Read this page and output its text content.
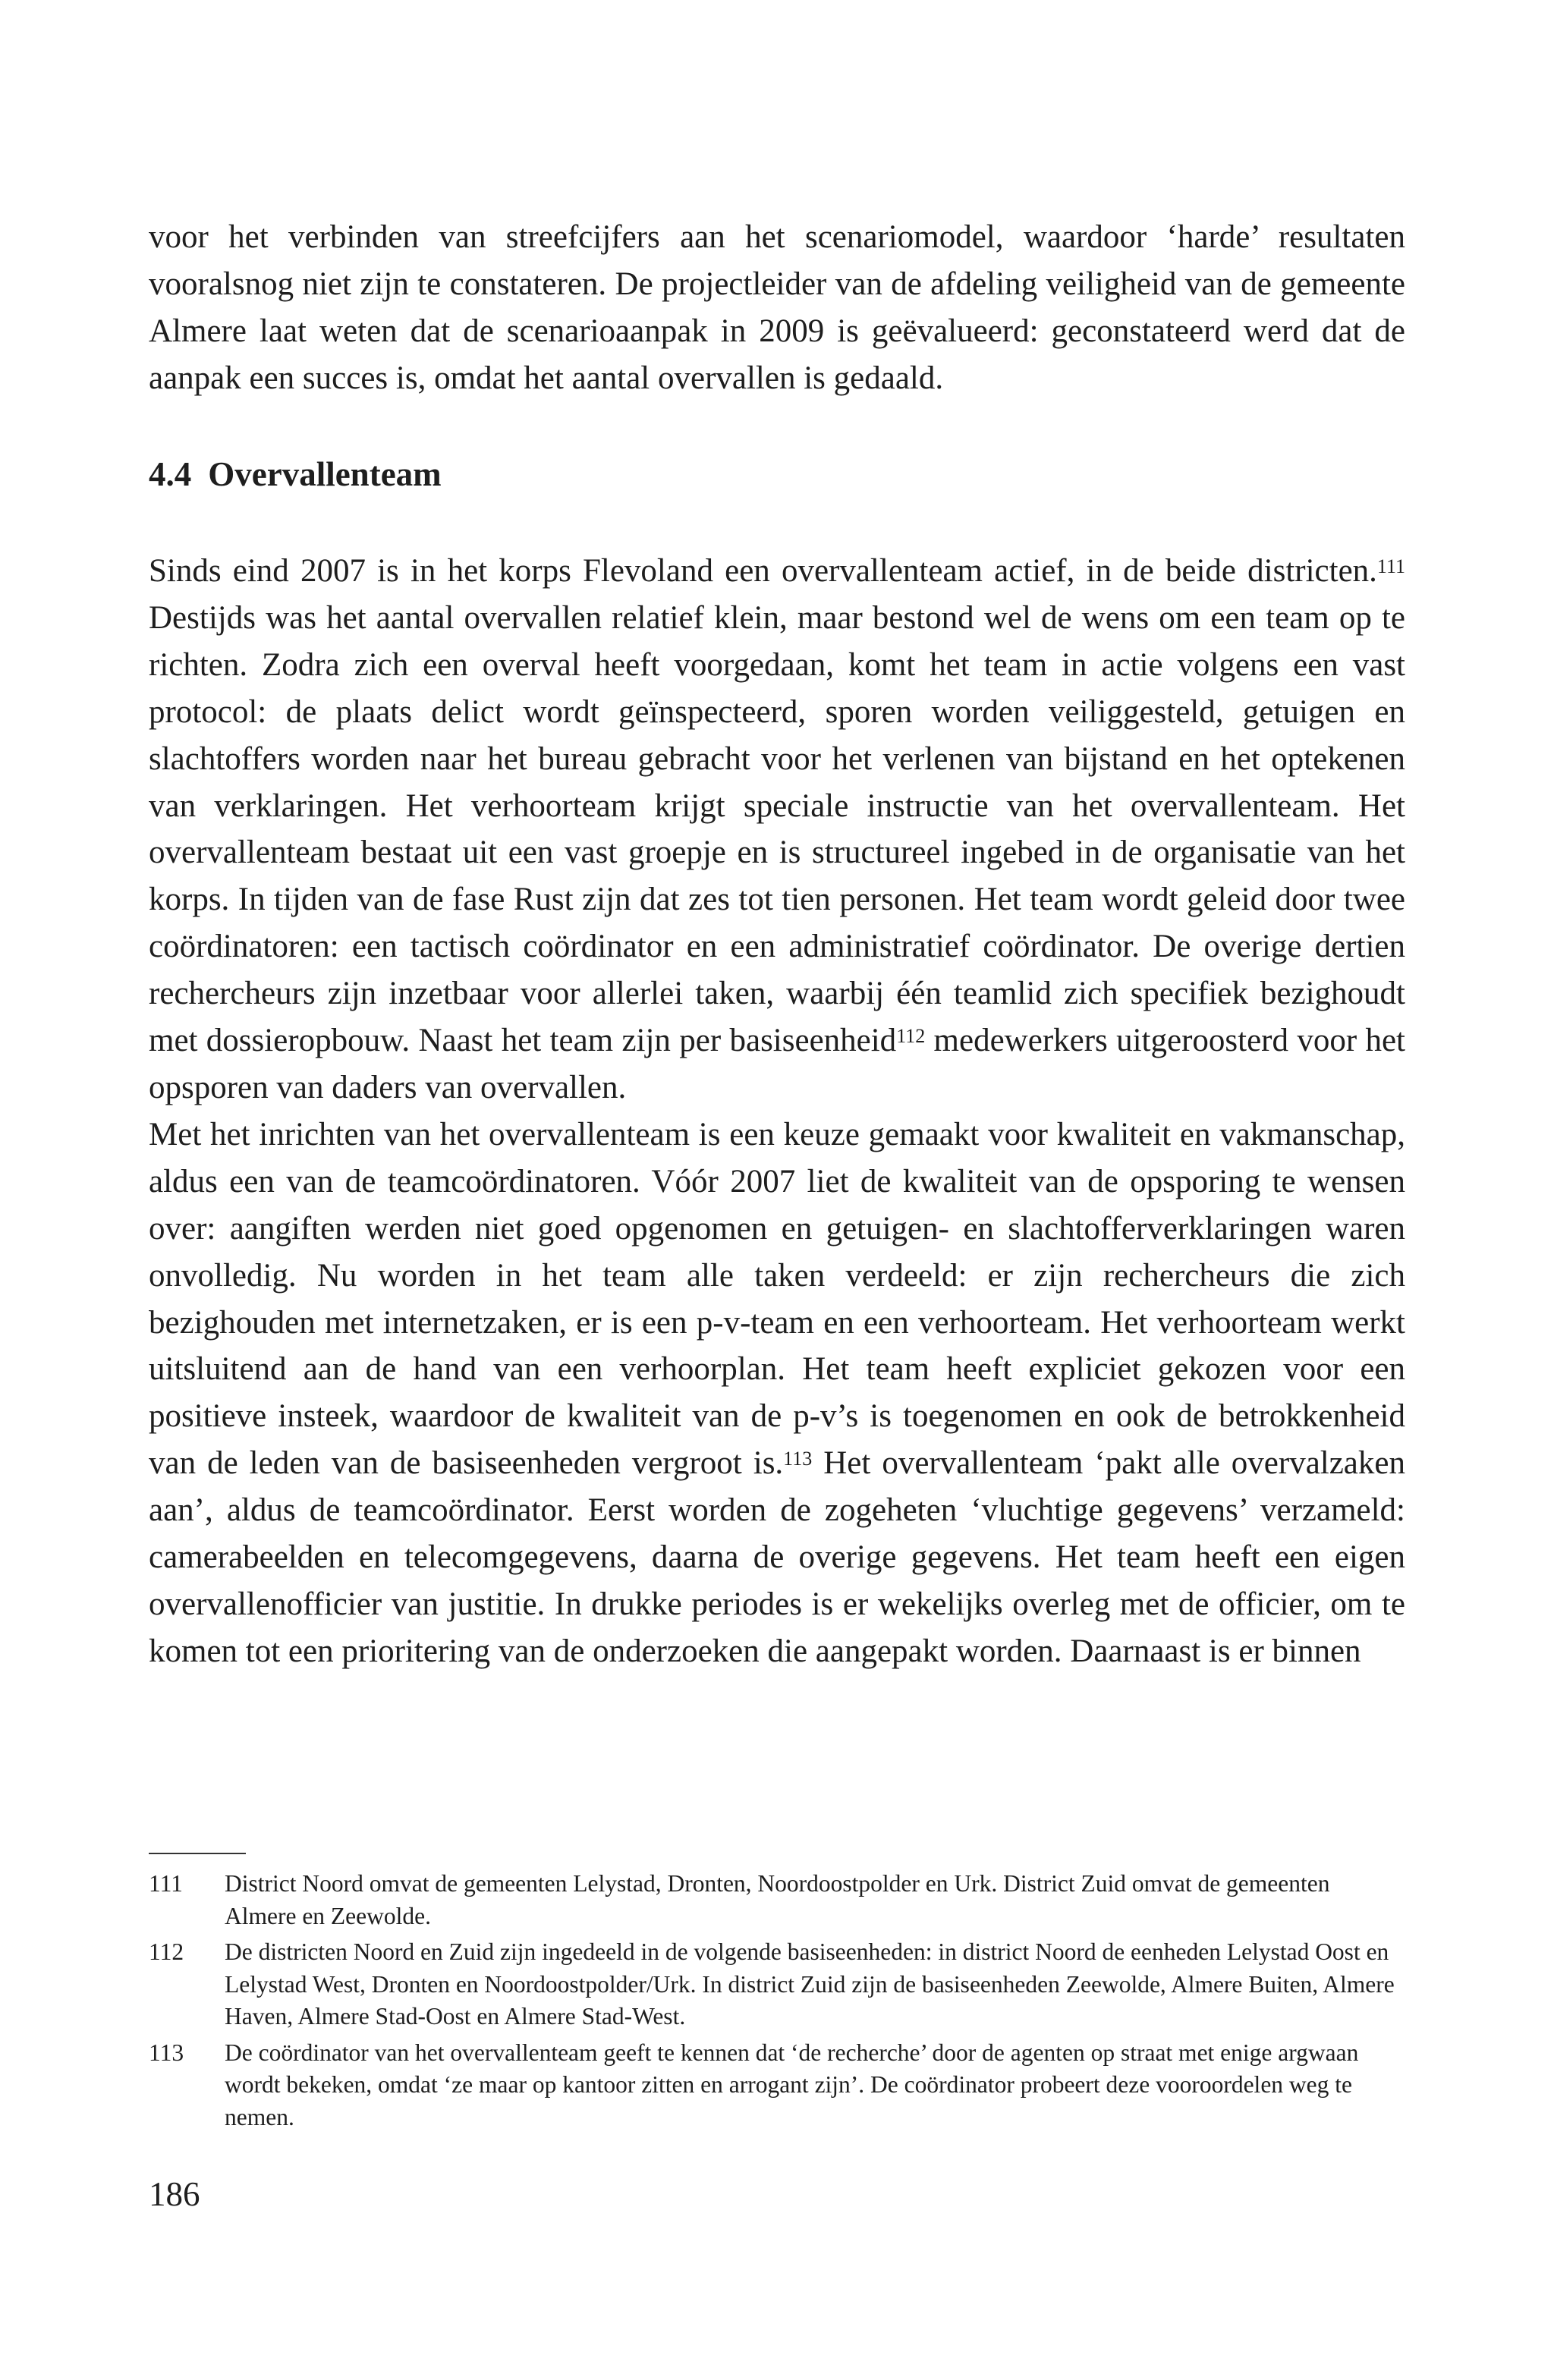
voor het verbinden van streefcijfers aan het scenariomodel, waardoor ‘harde’ resultaten vooralsnog niet zijn te constateren. De projectleider van de afdeling veiligheid van de gemeente Almere laat weten dat de scenarioaanpak in 2009 is geëvalueerd: geconstateerd werd dat de aanpak een succes is, omdat het aantal overvallen is gedaald.

Sinds eind 2007 is in het korps Flevoland een overvallenteam actief, in de beide districten.$^{111}$ Destijds was het aantal overvallen relatief klein, maar bestond wel de wens om een team op te richten. Zodra zich een overval heeft voorgedaan, komt het team in actie volgens een vast protocol: de plaats delict wordt geïnspecteerd, sporen worden veiliggesteld, getuigen en slachtoffers worden naar het bureau gebracht voor het verlenen van bijstand en het optekenen van verklaringen. Het verhoorteam krijgt speciale instructie van het overvallenteam. Het overvallenteam bestaat uit een vast groepje en is structureel ingebed in de organisatie van het korps. In tijden van de fase Rust zijn dat zes tot tien personen. Het team wordt geleid door twee coördinatoren: een tactisch coördinator en een administratief coördinator. De overige dertien rechercheurs zijn inzetbaar voor allerlei taken, waarbij één teamlid zich specifiek bezighoudt met dossieropbouw. Naast het team zijn per basiseenheid$^{112}$ medewerkers uitgeroosterd voor het opsporen van daders van overvallen.

Met het inrichten van het overvallenteam is een keuze gemaakt voor kwaliteit en vakmanschap, aldus een van de teamcoördinatoren. Vóór 2007 liet de kwaliteit van de opsporing te wensen over: aangiften werden niet goed opgenomen en getuigen- en slachtofferverklaringen waren onvolledig. Nu worden in het team alle taken verdeeld: er zijn rechercheurs die zich bezighouden met internetzaken, er is een p-v-team en een verhoorteam. Het verhoorteam werkt uitsluitend aan de hand van een verhoorplan. Het team heeft expliciet gekozen voor een positieve insteek, waardoor de kwaliteit van de p-v’s is toegenomen en ook de betrokkenheid van de leden van de basiseenheden vergroot is.$^{113}$ Het overvallenteam ‘pakt alle overvalzaken aan’, aldus de teamcoördinator. Eerst worden de zogeheten ‘vluchtige gegevens’ verzameld: camerabeelden en telecomgegevens, daarna de overige gegevens. Het team heeft een eigen overvallenofficier van justitie. In drukke periodes is er wekelijks overleg met de officier, om te komen tot een prioritering van de onderzoeken die aangepakt worden. Daarnaast is er binnen

4.4 Overvallenteam
111 District Noord omvat de gemeenten Lelystad, Dronten, Noordoostpolder en Urk. District Zuid omvat de gemeenten Almere en Zeewolde.
112 De districten Noord en Zuid zijn ingedeeld in de volgende basiseenheden: in district Noord de eenheden Lelystad Oost en Lelystad West, Dronten en Noordoostpolder/Urk. In district Zuid zijn de basiseenheden Zeewolde, Almere Buiten, Almere Haven, Almere Stad-Oost en Almere Stad-West.
113 De coördinator van het overvallenteam geeft te kennen dat ‘de recherche’ door de agenten op straat met enige argwaan wordt bekeken, omdat ‘ze maar op kantoor zitten en arrogant zijn’. De coördinator probeert deze vooroordelen weg te nemen.
186
